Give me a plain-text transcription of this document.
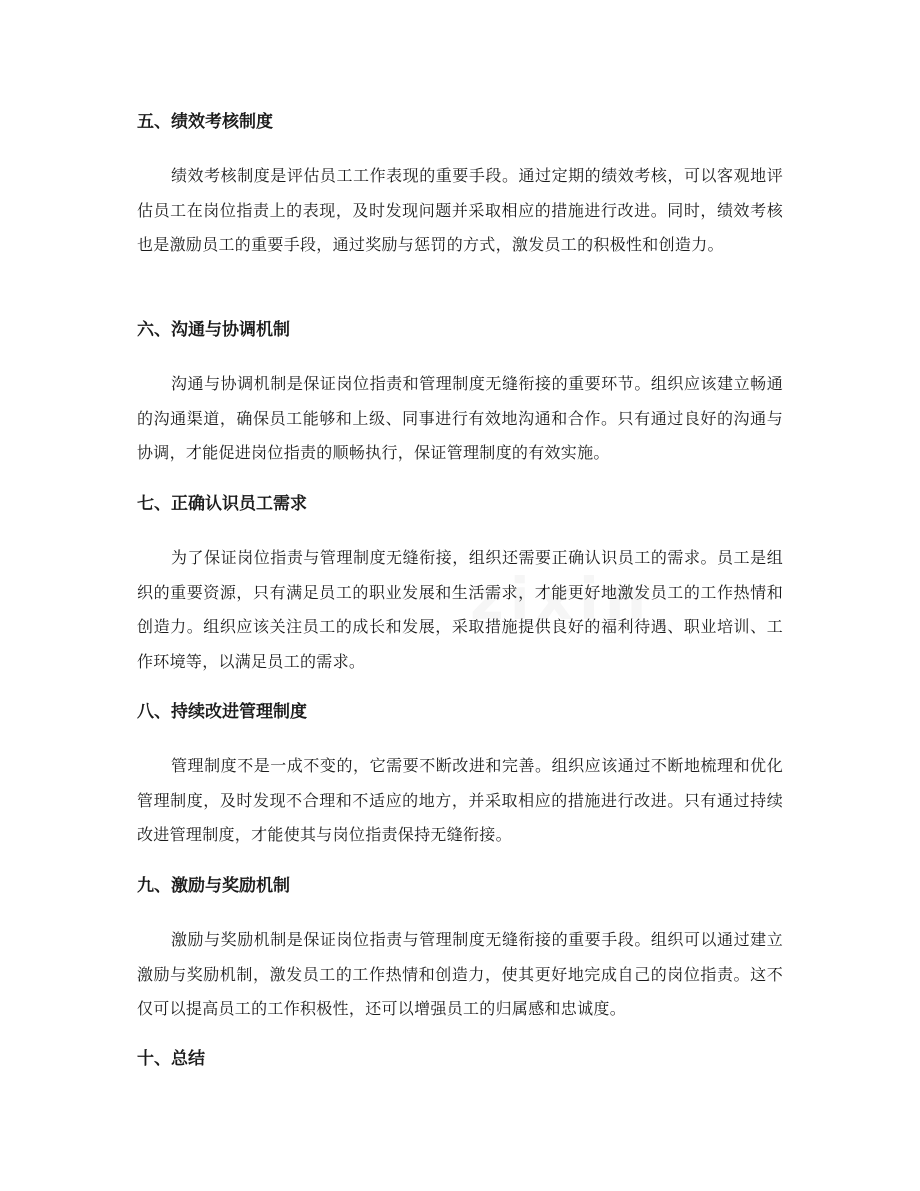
zixin
五、绩效考核制度

绩效考核制度是评估员工工作表现的重要手段。通过定期的绩效考核，可以客观地评估员工在岗位指责上的表现，及时发现问题并采取相应的措施进行改进。同时，绩效考核也是激励员工的重要手段，通过奖励与惩罚的方式，激发员工的积极性和创造力。

六、沟通与协调机制

沟通与协调机制是保证岗位指责和管理制度无缝衔接的重要环节。组织应该建立畅通的沟通渠道，确保员工能够和上级、同事进行有效地沟通和合作。只有通过良好的沟通与协调，才能促进岗位指责的顺畅执行，保证管理制度的有效实施。

七、正确认识员工需求

为了保证岗位指责与管理制度无缝衔接，组织还需要正确认识员工的需求。员工是组织的重要资源，只有满足员工的职业发展和生活需求，才能更好地激发员工的工作热情和创造力。组织应该关注员工的成长和发展，采取措施提供良好的福利待遇、职业培训、工作环境等，以满足员工的需求。

八、持续改进管理制度

管理制度不是一成不变的，它需要不断改进和完善。组织应该通过不断地梳理和优化管理制度，及时发现不合理和不适应的地方，并采取相应的措施进行改进。只有通过持续改进管理制度，才能使其与岗位指责保持无缝衔接。

九、激励与奖励机制

激励与奖励机制是保证岗位指责与管理制度无缝衔接的重要手段。组织可以通过建立激励与奖励机制，激发员工的工作热情和创造力，使其更好地完成自己的岗位指责。这不仅可以提高员工的工作积极性，还可以增强员工的归属感和忠诚度。

十、总结
